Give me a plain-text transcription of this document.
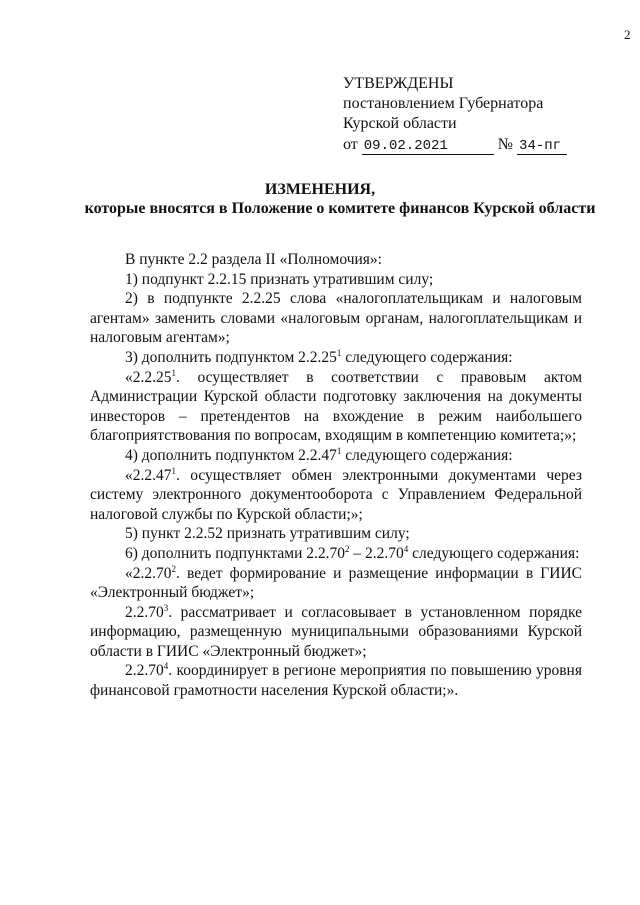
2
УТВЕРЖДЕНЫ
постановлением Губернатора
Курской области
от 09.02.2021	№ 34-пг
ИЗМЕНЕНИЯ,
которые вносятся в Положение о комитете финансов Курской области

В пункте 2.2 раздела II «Полномочия»:

1) подпункт 2.2.15 признать утратившим силу;

2) в подпункте 2.2.25 слова «налогоплательщикам и налоговым агентам» заменить словами «налоговым органам, налогоплательщикам и налоговым агентам»;

3) дополнить подпунктом 2.2.25$^1$ следующего содержания:

«2.2.25$^1$. осуществляет в соответствии с правовым актом Администрации Курской области подготовку заключения на документы инвесторов – претендентов на вхождение в режим наибольшего благоприятствования по вопросам, входящим в компетенцию комитета;»;

4) дополнить подпунктом 2.2.47$^1$ следующего содержания:

«2.2.47$^1$. осуществляет обмен электронными документами через систему электронного документооборота с Управлением Федеральной налоговой службы по Курской области;»;

5) пункт 2.2.52 признать утратившим силу;

6) дополнить подпунктами 2.2.70$^2$ – 2.2.70$^4$ следующего содержания:

«2.2.70$^2$. ведет формирование и размещение информации в ГИИС «Электронный бюджет»;

2.2.70$^3$. рассматривает и согласовывает в установленном порядке информацию, размещенную муниципальными образованиями Курской области в ГИИС «Электронный бюджет»;

2.2.70$^4$. координирует в регионе мероприятия по повышению уровня финансовой грамотности населения Курской области;».
